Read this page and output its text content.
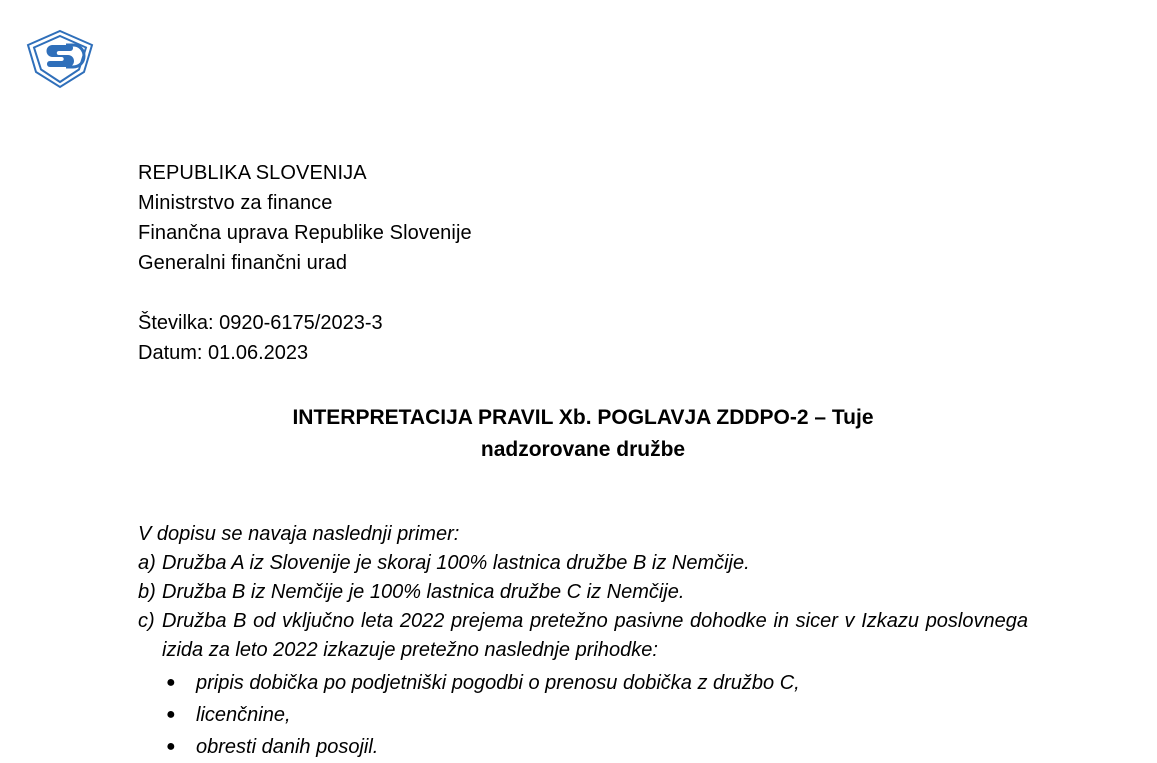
REPUBLIKA SLOVENIJA
Ministrstvo za finance
Finančna uprava Republike Slovenije
Generalni finančni urad
Številka: 0920-6175/2023-3
Datum: 01.06.2023
INTERPRETACIJA PRAVIL Xb. POGLAVJA ZDDPO-2 – Tuje
nadzorovane družbe

V dopisu se navaja naslednji primer:

a) Družba A iz Slovenije je skoraj 100% lastnica družbe B iz Nemčije.
b) Družba B iz Nemčije je 100% lastnica družbe C iz Nemčije.
c) Družba B od vključno leta 2022 prejema pretežno pasivne dohodke in sicer v Izkazu poslovnega izida za leto 2022 izkazuje pretežno naslednje prihodke:
●	pripis dobička po podjetniški pogodbi o prenosu dobička z družbo C,
●	licenčnine,
●	obresti danih posojil.
